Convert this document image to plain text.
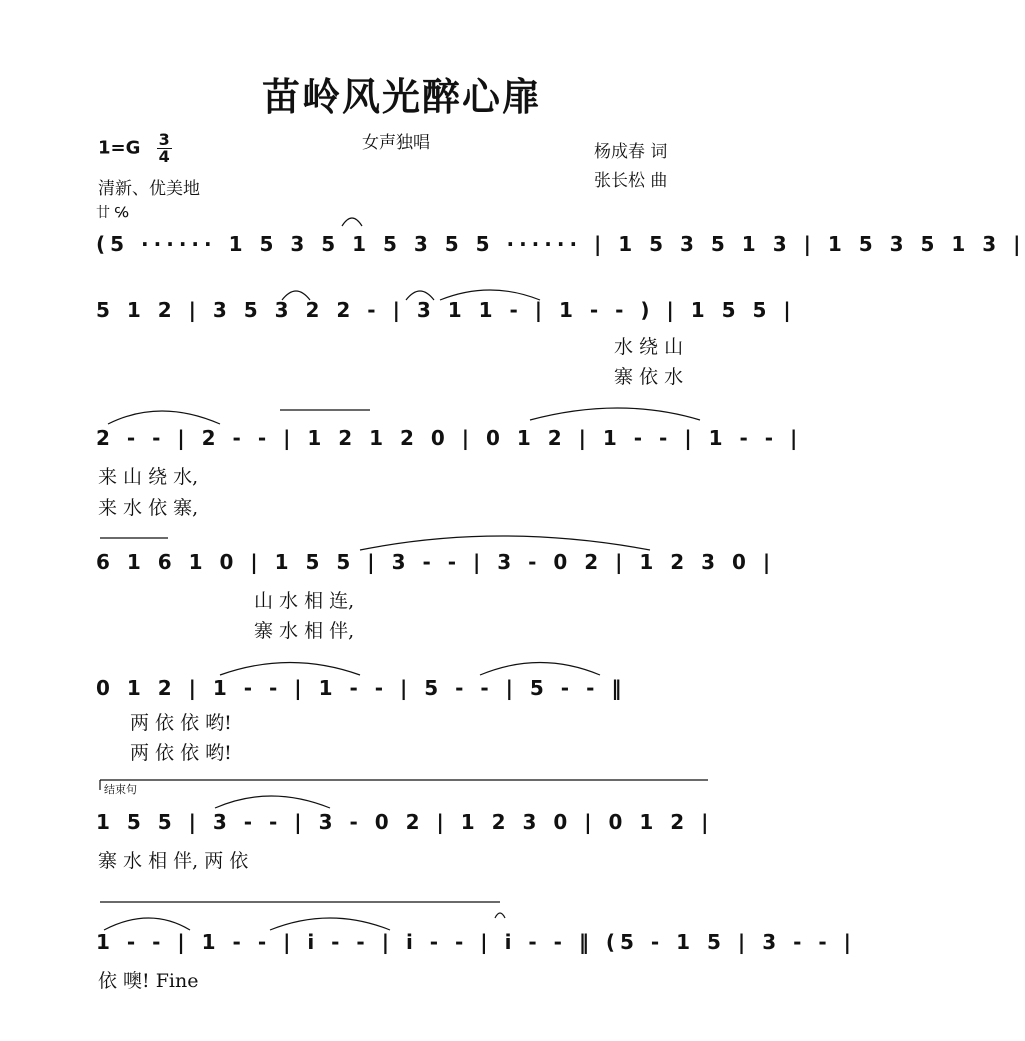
苗岭风光醉心扉
$1=G \frac{3}{4}$	女声独唱	杨成春 词
张长松 曲
清新、优美地
廿 ℅
(5 ······ 1 5 3 5 1 5 3 5 5 ······ | 1 5 3 5 1 3 | 1 5 3 5 1 3 |
5 1 2 | 3 5 3 2 2 - | 3 1 1 - | 1 - - ) | 1 5 5 |
水 绕 山
寨 依 水
2 - - | 2 - - | 1 2 1 2 0 | 0 1 2 | 1 - - | 1 - - |
来 山 绕 水,
来 水 依 寨,
6 1 6 1 0 | 1 5 5 | 3 - - | 3 - 0 2 | 1 2 3 0 |
山 水 相 连,
寨 水 相 伴,
0 1 2 | 1 - - | 1 - - | 5 - - | 5 - - ‖
两 依 依 哟!
两 依 依 哟!
结束句
1 5 5 | 3 - - | 3 - 0 2 | 1 2 3 0 | 0 1 2 |
寨 水 相 伴, 两 依
1 - - | 1 - - | i - - | i - - | i - - ‖ (5 - 1 5 | 3 - - |
依 噢! Fine
